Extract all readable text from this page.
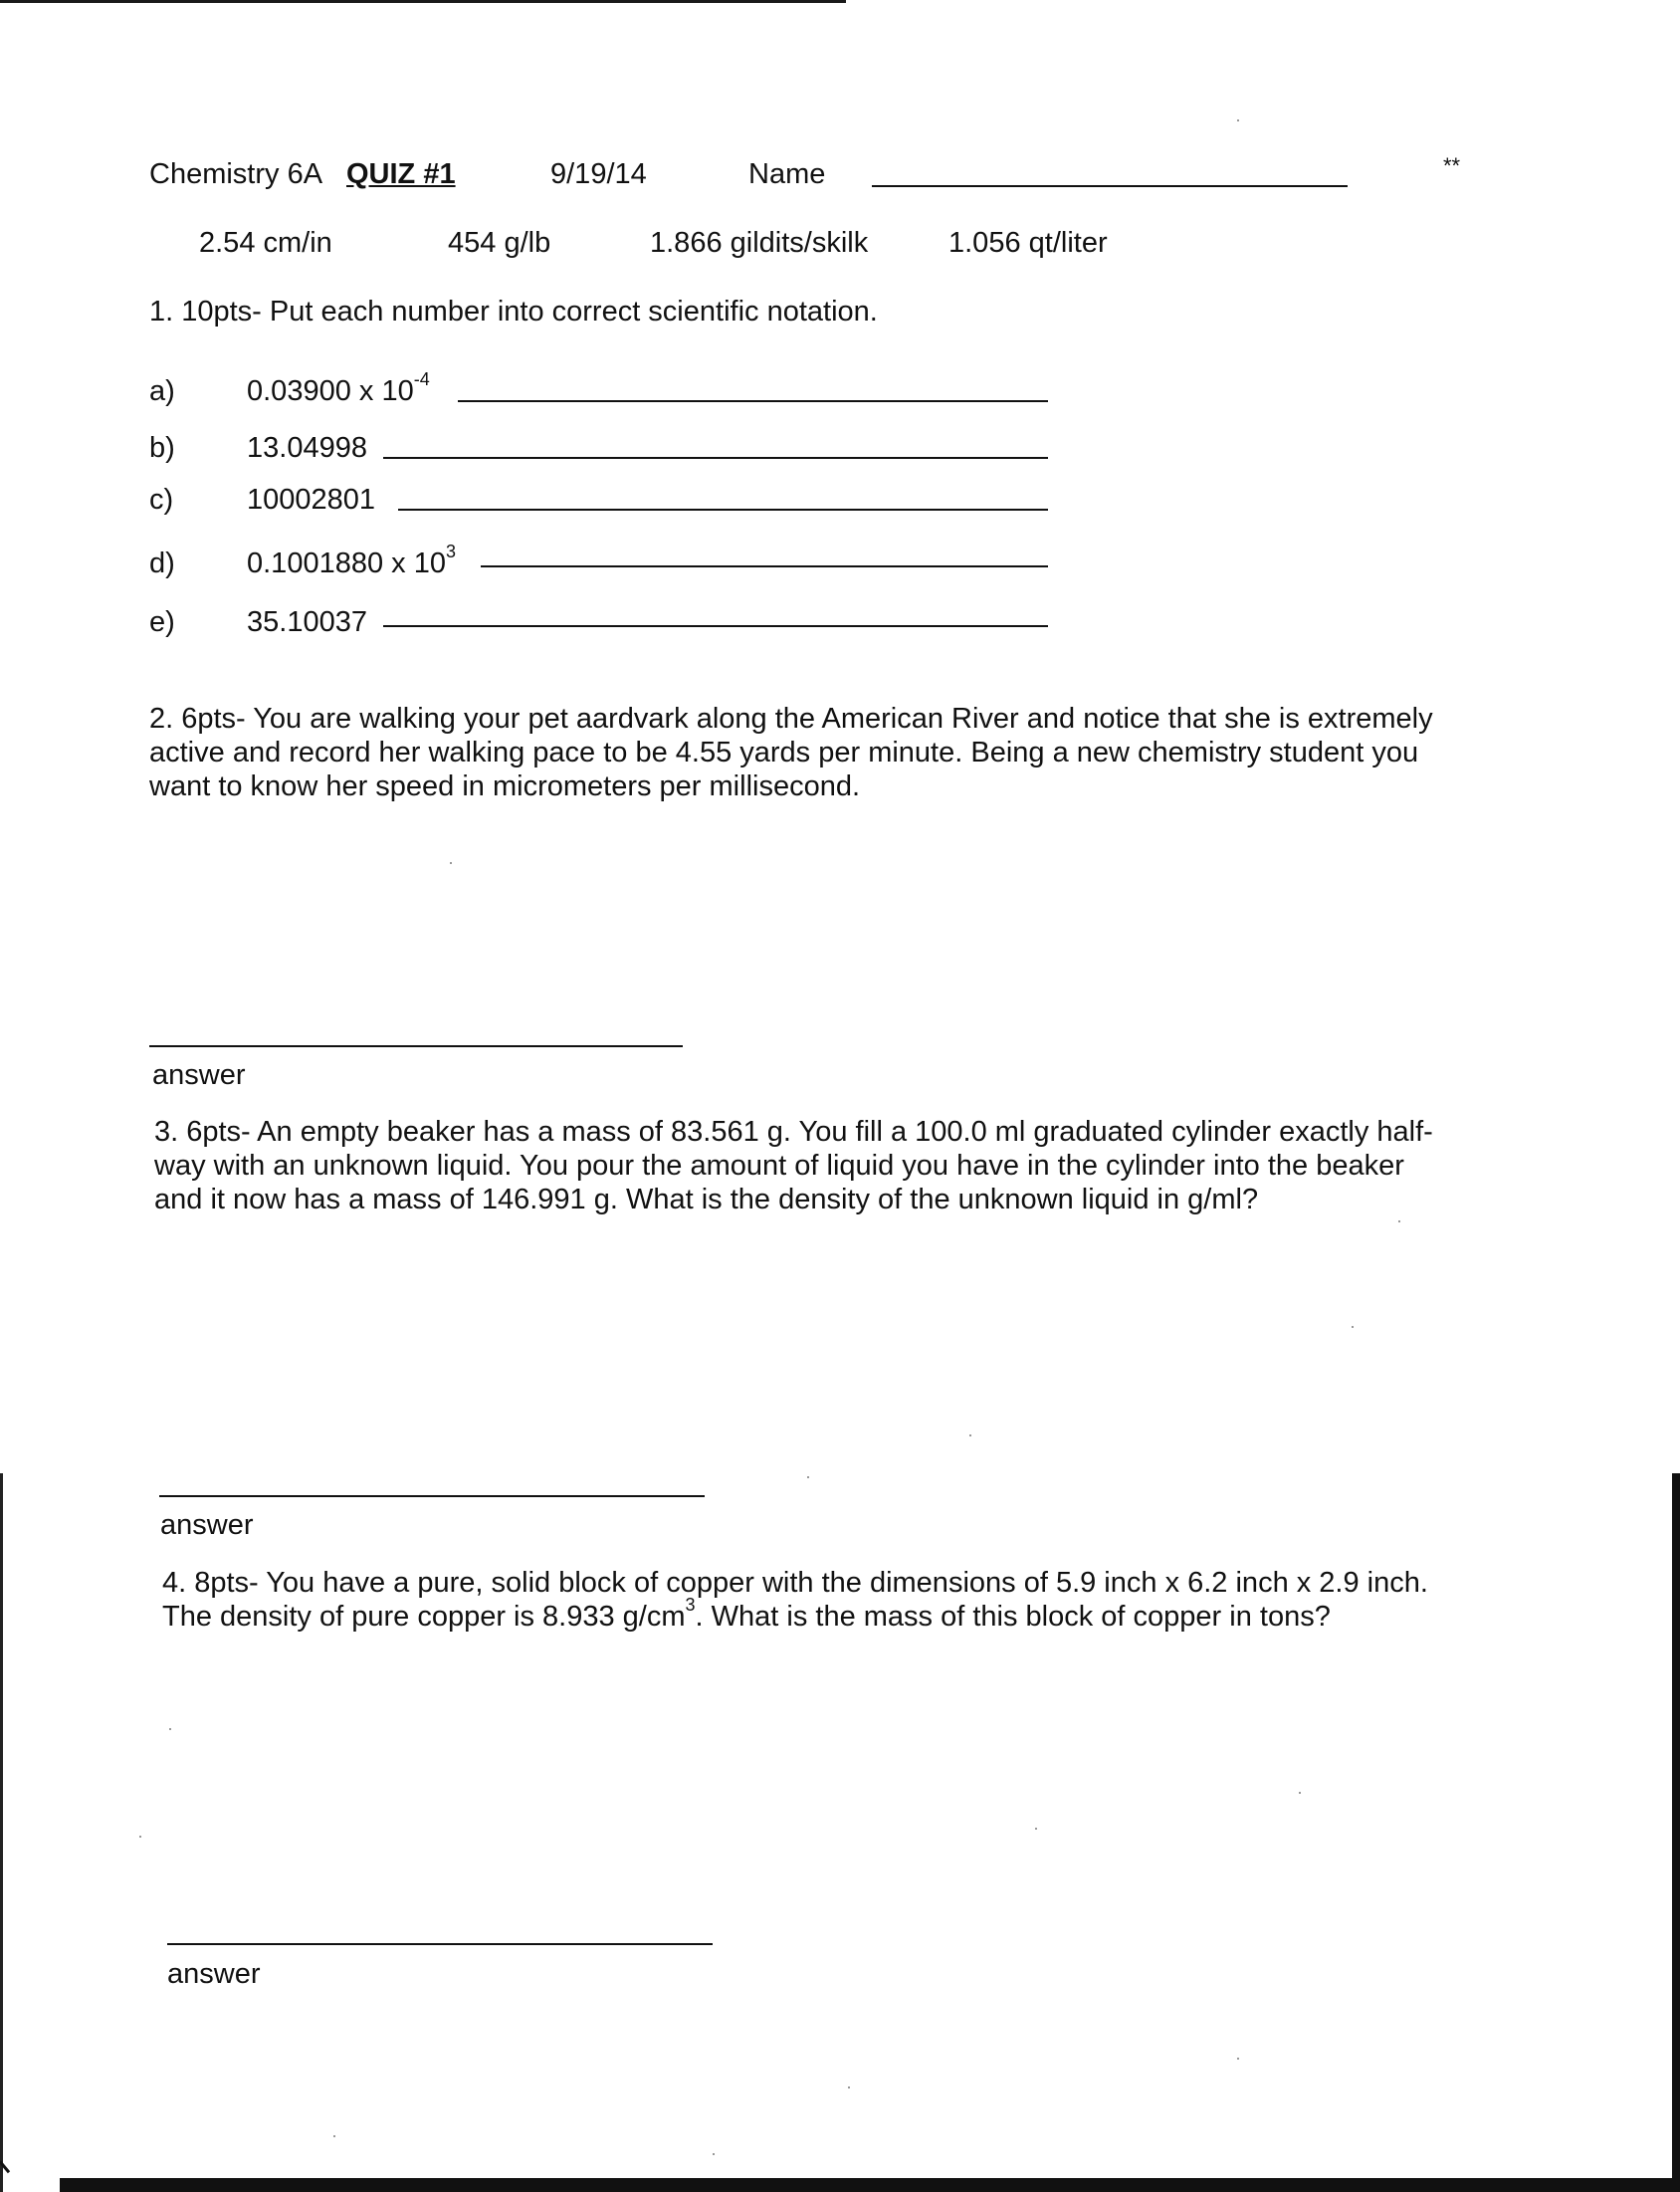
Chemistry 6A QUIZ #1	9/19/14	Name	**
2.54 cm/in	454 g/lb	1.866 gildits/skilk	1.056 qt/liter
1. 10pts- Put each number into correct scientific notation.
a) 0.03900 x $10^{-4}$
b) 13.04998
c)	10002801
d) 0.1001880 x $10^3$
e) 35.10037
2. 6pts- You are walking your pet aardvark along the American River and notice that she is extremely
active and record her walking pace to be 4.55 yards per minute. Being a new chemistry student you
want to know her speed in micrometers per millisecond.
answer
3. 6pts- An empty beaker has a mass of 83.561 g. You fill a 100.0 ml graduated cylinder exactly half-
way with an unknown liquid. You pour the amount of liquid you have in the cylinder into the beaker
and it now has a mass of 146.991 g. What is the density of the unknown liquid in g/ml?
answer
4. 8pts- You have a pure, solid block of copper with the dimensions of 5.9 inch x 6.2 inch x 2.9 inch.
The density of pure copper is 8.933 $g/cm^3$. What is the mass of this block of copper in tons?
answer
